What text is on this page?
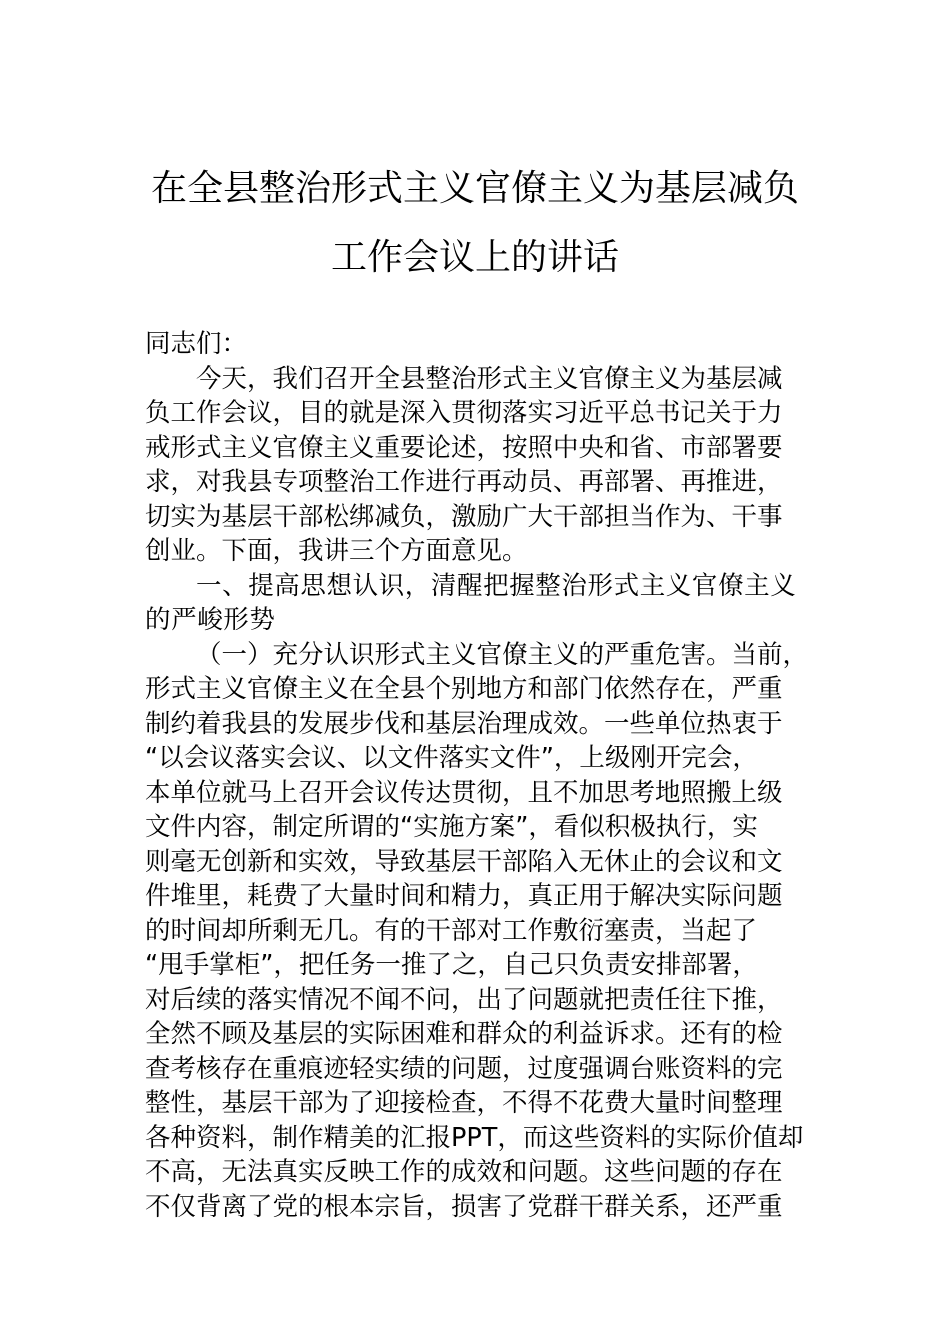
在全县整治形式主义官僚主义为基层减负
工作会议上的讲话
同志们：
今天，我们召开全县整治形式主义官僚主义为基层减
负工作会议，目的就是深入贯彻落实习近平总书记关于力
戒形式主义官僚主义重要论述，按照中央和省、市部署要
求，对我县专项整治工作进行再动员、再部署、再推进，
切实为基层干部松绑减负，激励广大干部担当作为、干事
创业。下面，我讲三个方面意见。
一、提高思想认识，清醒把握整治形式主义官僚主义
的严峻形势
（一）充分认识形式主义官僚主义的严重危害。当前，
形式主义官僚主义在全县个别地方和部门依然存在，严重
制约着我县的发展步伐和基层治理成效。一些单位热衷于
“以会议落实会议、以文件落实文件”，上级刚开完会，
本单位就马上召开会议传达贯彻，且不加思考地照搬上级
文件内容，制定所谓的“实施方案”，看似积极执行，实
则毫无创新和实效，导致基层干部陷入无休止的会议和文
件堆里，耗费了大量时间和精力，真正用于解决实际问题
的时间却所剩无几。有的干部对工作敷衍塞责，当起了
“甩手掌柜”，把任务一推了之，自己只负责安排部署，
对后续的落实情况不闻不问，出了问题就把责任往下推，
全然不顾及基层的实际困难和群众的利益诉求。还有的检
查考核存在重痕迹轻实绩的问题，过度强调台账资料的完
整性，基层干部为了迎接检查，不得不花费大量时间整理
各种资料，制作精美的汇报PPT，而这些资料的实际价值却
不高，无法真实反映工作的成效和问题。这些问题的存在
不仅背离了党的根本宗旨，损害了党群干群关系，还严重
